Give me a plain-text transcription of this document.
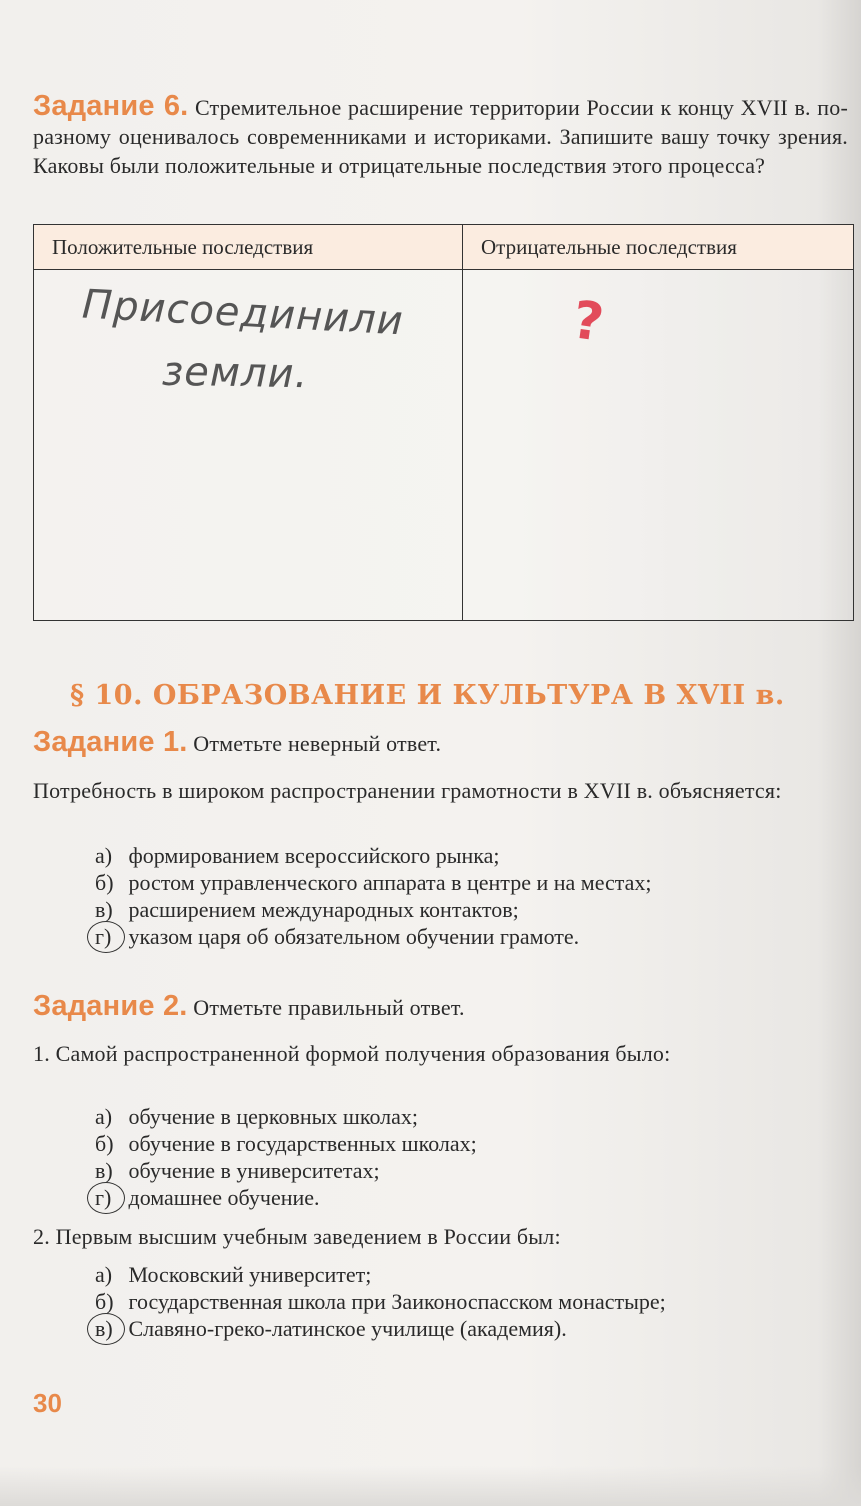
Задание 6. Стремительное расширение территории России к концу XVII в. по-разному оценивалось современниками и историками. Запишите вашу точку зрения. Каковы были положительные и отрицательные последствия этого процесса?
Положительные последствия	Отрицательные последствия

Присоединили
земли.	?
§ 10. ОБРАЗОВАНИЕ И КУЛЬТУРА В XVII в.
Задание 1. Отметьте неверный ответ.
Потребность в широком распространении грамотности в XVII в. объясняется:
а) формированием всероссийского рынка;
б) ростом управленческого аппарата в центре и на местах;
в) расширением международных контактов;
г) указом царя об обязательном обучении грамоте.
Задание 2. Отметьте правильный ответ.
1. Самой распространенной формой получения образования было:
а) обучение в церковных школах;
б) обучение в государственных школах;
в) обучение в университетах;
г) домашнее обучение.
2. Первым высшим учебным заведением в России был:
а) Московский университет;
б) государственная школа при Заиконоспасском монастыре;
в) Славяно-греко-латинское училище (академия).
30
